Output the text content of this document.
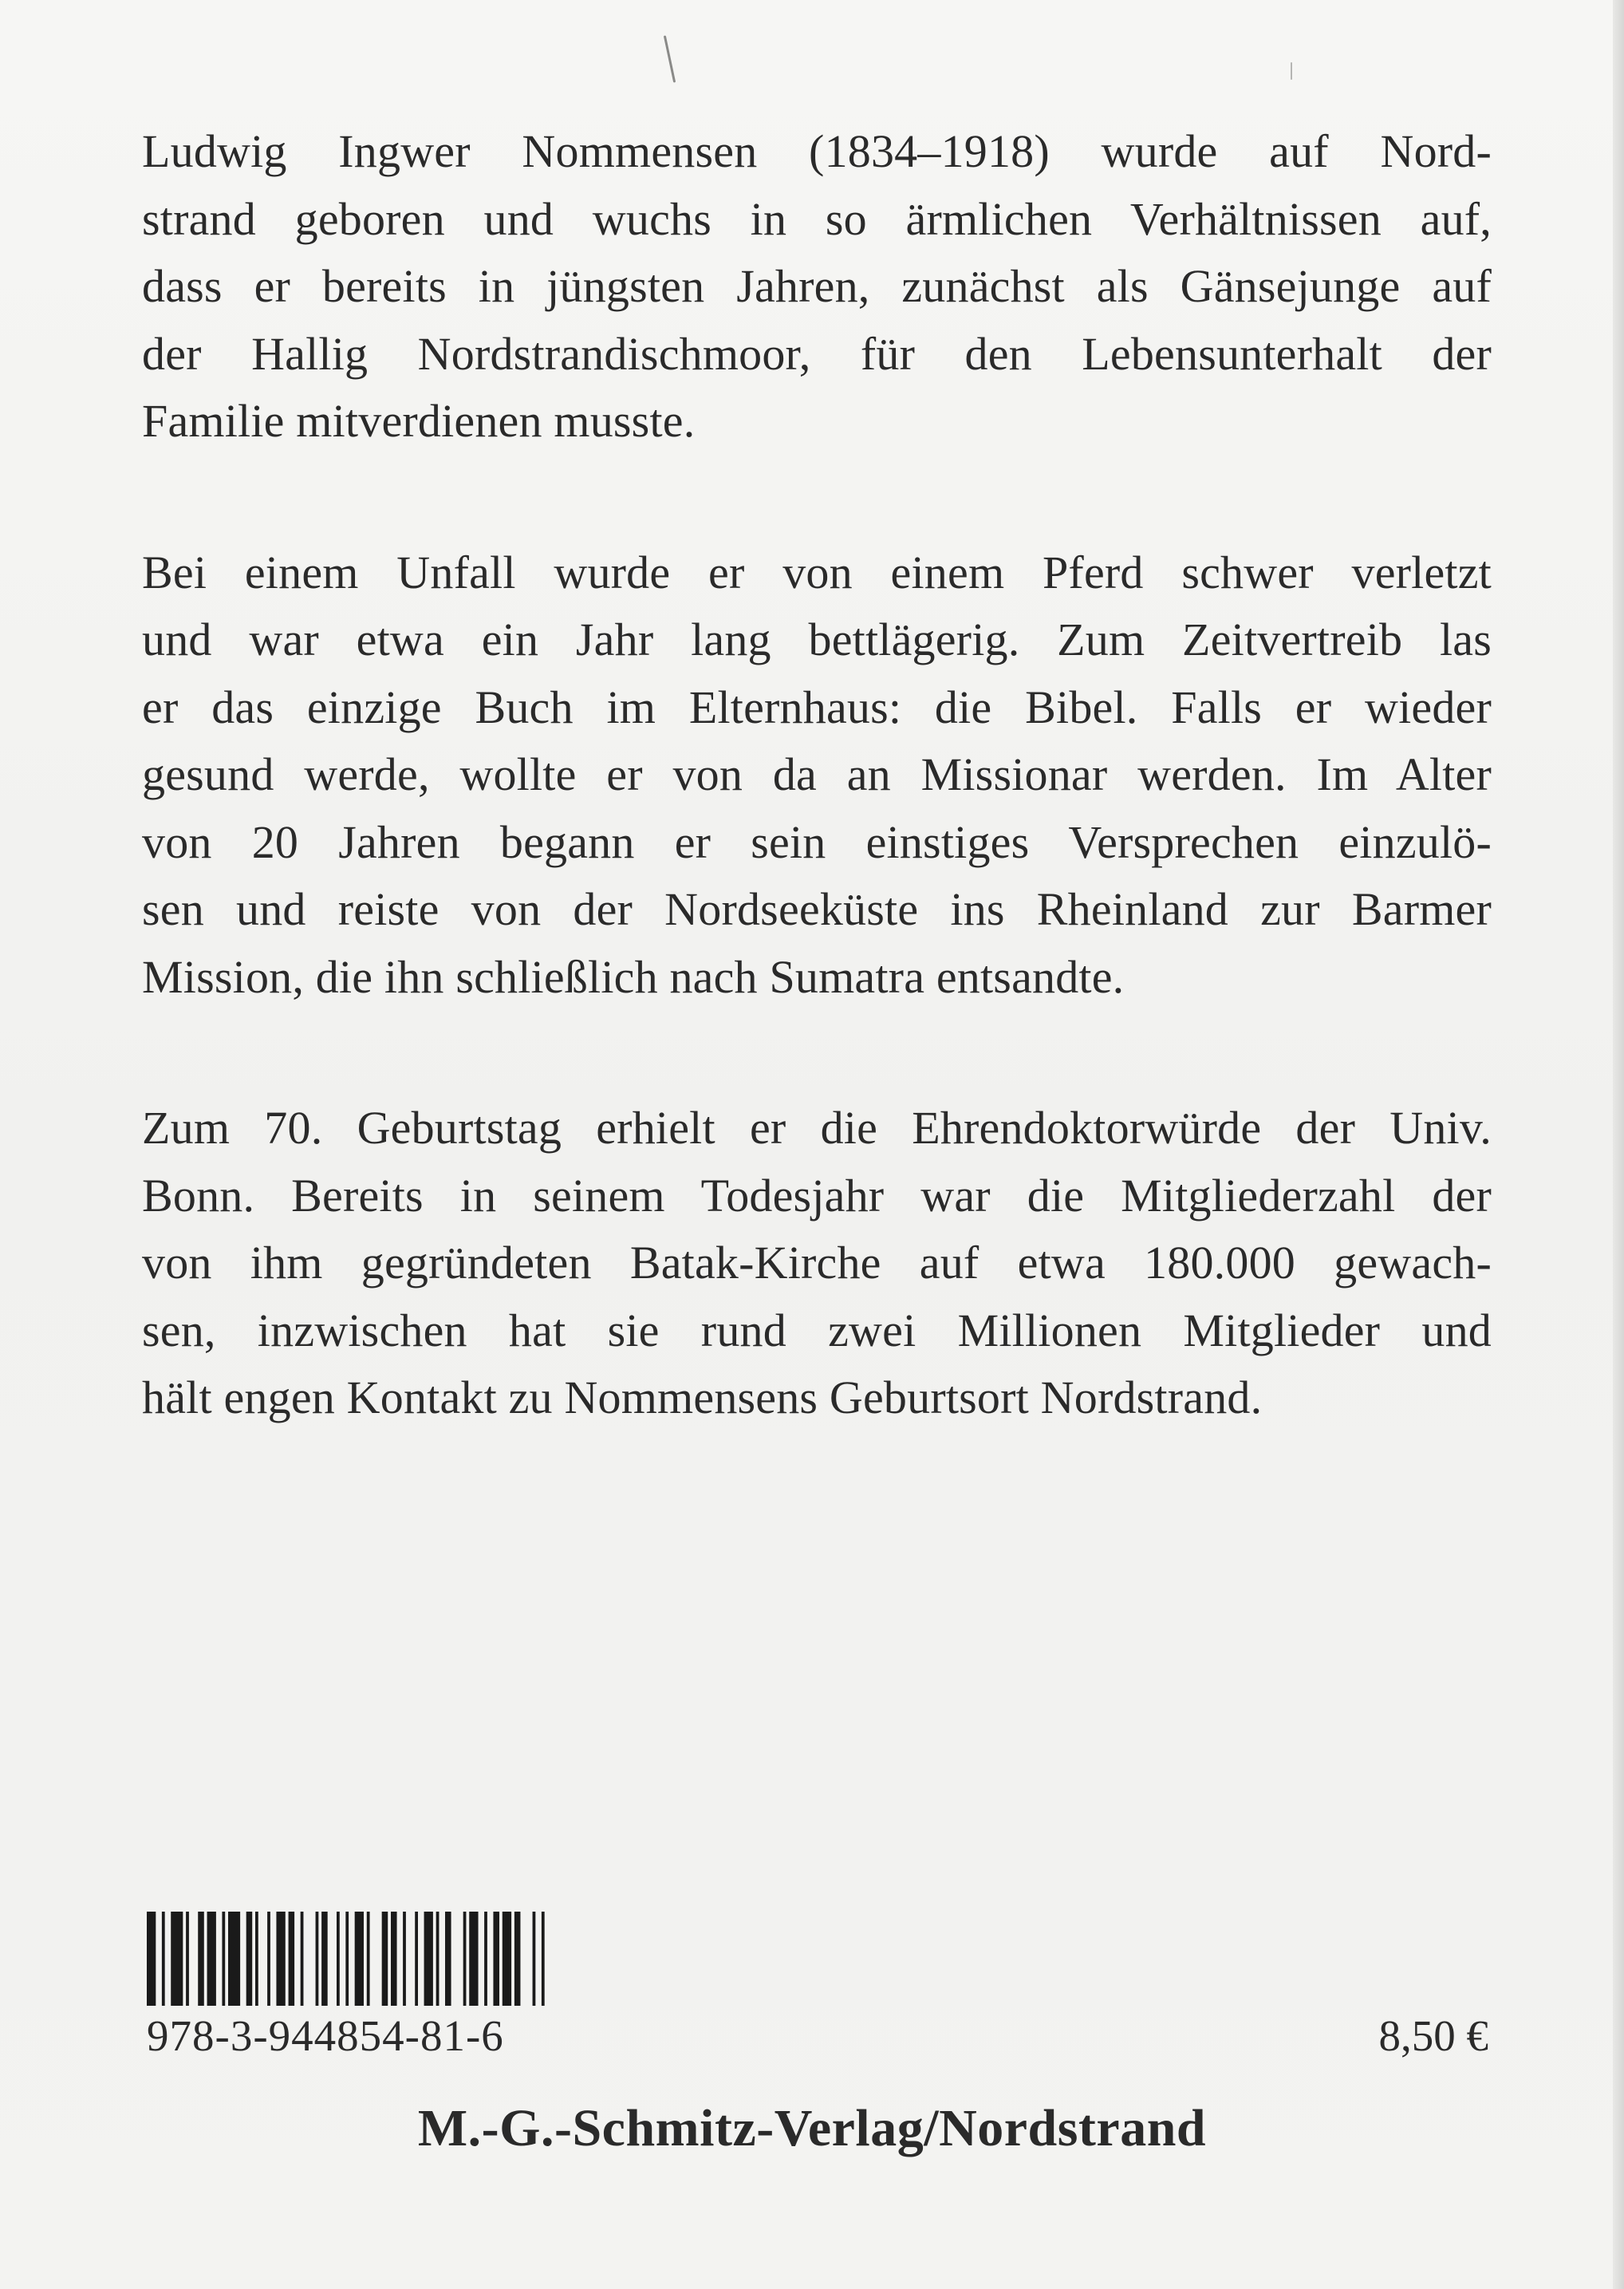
Ludwig Ingwer Nommensen (1834–1918) wurde auf Nord-
strand geboren und wuchs in so ärmlichen Verhältnissen auf,
dass er bereits in jüngsten Jahren, zunächst als Gänsejunge auf
der Hallig Nordstrandischmoor, für den Lebensunterhalt der
Familie mitverdienen musste.

Bei einem Unfall wurde er von einem Pferd schwer verletzt
und war etwa ein Jahr lang bettlägerig. Zum Zeitvertreib las
er das einzige Buch im Elternhaus: die Bibel. Falls er wieder
gesund werde, wollte er von da an Missionar werden. Im Alter
von 20 Jahren begann er sein einstiges Versprechen einzulö-
sen und reiste von der Nordseeküste ins Rheinland zur Barmer
Mission, die ihn schließlich nach Sumatra entsandte.

Zum 70. Geburtstag erhielt er die Ehrendoktorwürde der Univ.
Bonn. Bereits in seinem Todesjahr war die Mitgliederzahl der
von ihm gegründeten Batak-Kirche auf etwa 180.000 gewach-
sen, inzwischen hat sie rund zwei Millionen Mitglieder und
hält engen Kontakt zu Nommensens Geburtsort Nordstrand.

978-3-944854-81-6	8,50 €
M.-G.-Schmitz-Verlag/Nordstrand
